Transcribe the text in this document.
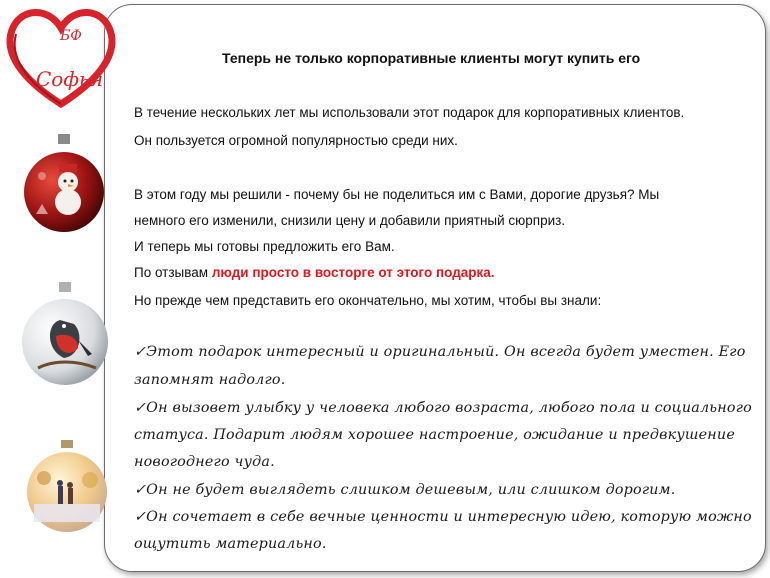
БФ
Софья
Теперь не только корпоративные клиенты могут купить его
В течение нескольких лет мы использовали этот подарок для корпоративных клиентов.
Он пользуется огромной популярностью среди них.
В этом году мы решили - почему бы не поделиться им с Вами, дорогие друзья? Мы
немного его изменили, снизили цену и добавили приятный сюрприз.
И теперь мы готовы предложить его Вам.
По отзывам люди просто в восторге от этого подарка.
Но прежде чем представить его окончательно, мы хотим, чтобы вы знали:
✓Этот подарок интересный и оригинальный. Он всегда будет уместен. Его
запомнят надолго.
✓Он вызовет улыбку у человека любого возраста, любого пола и социального
статуса. Подарит людям хорошее настроение, ожидание и предвкушение
новогоднего чуда.
✓Он не будет выглядеть слишком дешевым, или слишком дорогим.
✓Он сочетает в себе вечные ценности и интересную идею, которую можно
ощутить материально.
